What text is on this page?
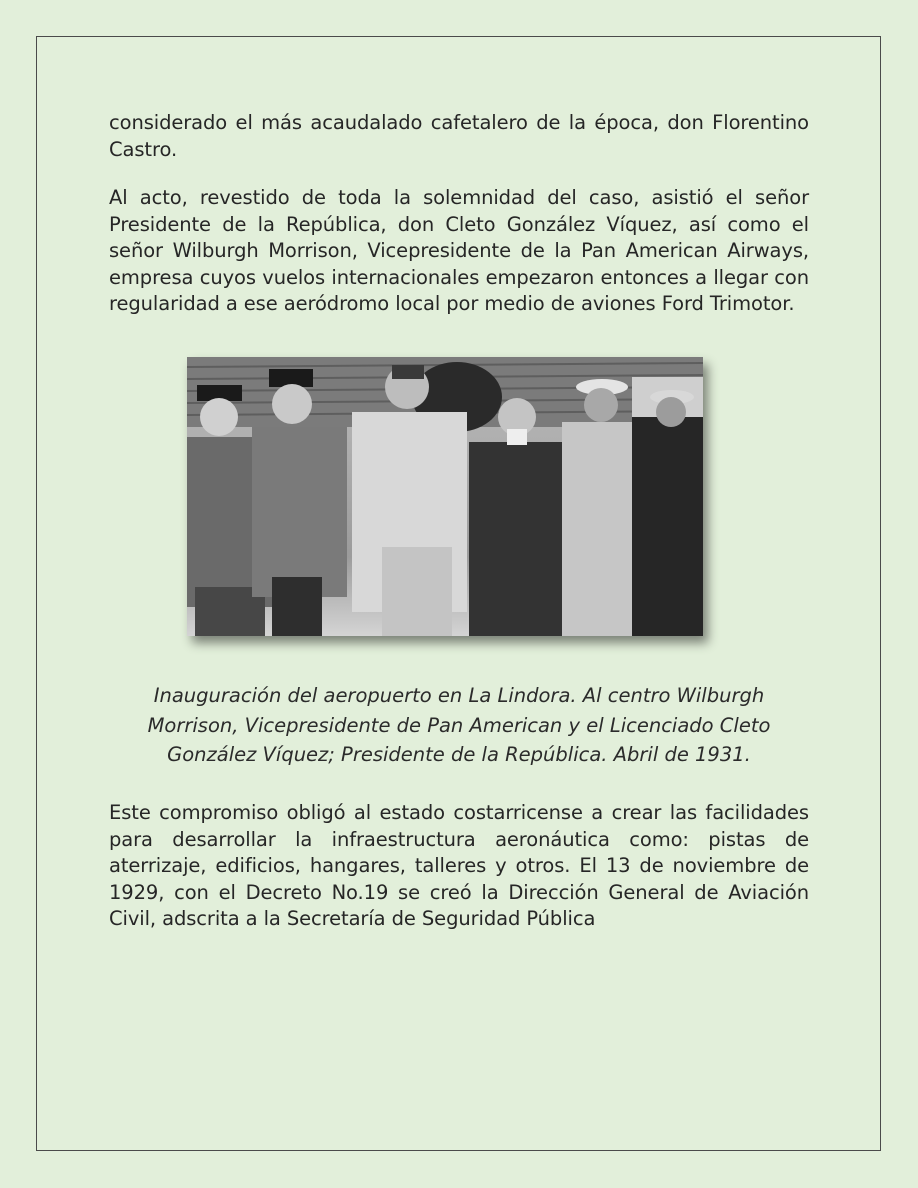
considerado el más acaudalado cafetalero de la época, don Florentino Castro.

Al acto, revestido de toda la solemnidad del caso, asistió el señor Presidente de la República, don Cleto González Víquez, así como el señor Wilburgh Morrison, Vicepresidente de la Pan American Airways, empresa cuyos vuelos internacionales empezaron entonces a llegar con regularidad a ese aeródromo local por medio de aviones Ford Trimotor.

Inauguración del aeropuerto en La Lindora. Al centro Wilburgh Morrison, Vicepresidente de Pan American y el Licenciado Cleto González Víquez; Presidente de la República. Abril de 1931.

Este compromiso obligó al estado costarricense a crear las facilidades para desarrollar la infraestructura aeronáutica como: pistas de aterrizaje, edificios, hangares, talleres y otros. El 13 de noviembre de 1929, con el Decreto No.19 se creó la Dirección General de Aviación Civil, adscrita a la Secretaría de Seguridad Pública
